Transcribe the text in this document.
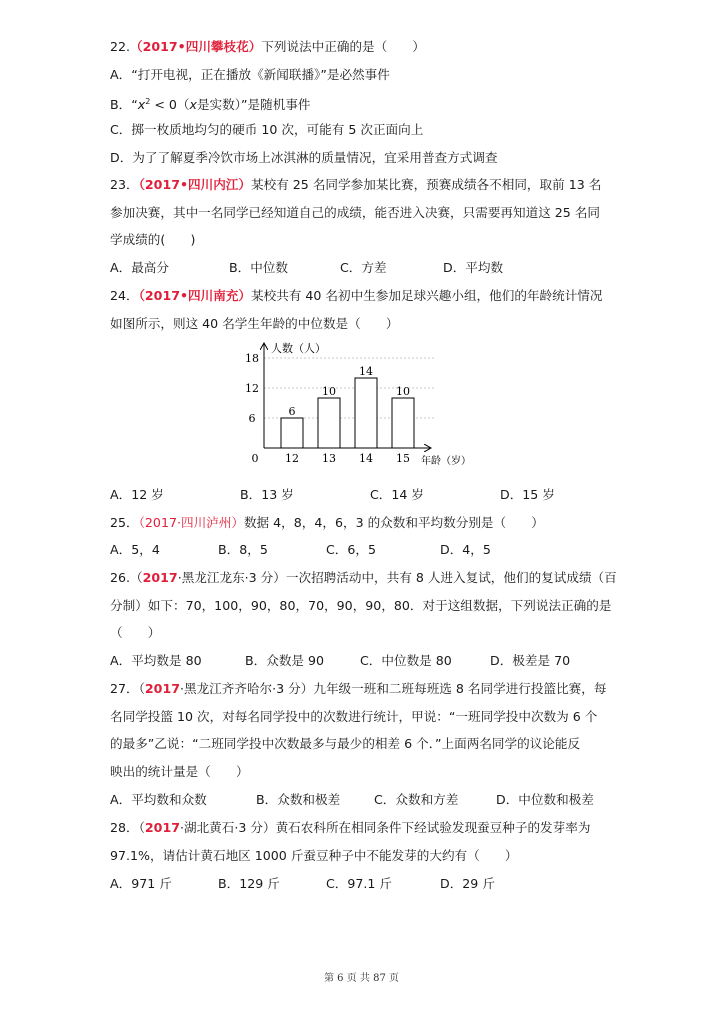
22.（2017•四川攀枝花）下列说法中正确的是（　　）
A．“打开电视，正在播放《新闻联播》”是必然事件
B．“$x^2 < 0(x$是实数）”是随机事件
C．掷一枚质地均匀的硬币 10 次，可能有 5 次正面向上
D．为了了解夏季冷饮市场上冰淇淋的质量情况，宜采用普查方式调查
23．（2017•四川内江）某校有 25 名同学参加某比赛，预赛成绩各不相同，取前 13 名
参加决赛，其中一名同学已经知道自己的成绩，能否进入决赛，只需要再知道这 25 名同
学成绩的(　　)
A．最高分	B．中位数	C．方差	D．平均数
24．（2017•四川南充）某校共有 40 名初中生参加足球兴趣小组，他们的年龄统计情况
如图所示，则这 40 名学生年龄的中位数是（　　）
6
10
14
10
0
6
12
18
12 13 14 15
人数（人）
年龄（岁）
A．12 岁	B．13 岁	C．14 岁	D．15 岁
25．（2017·四川泸州）数据 4，8，4，6，3 的众数和平均数分别是（　　）
A．5，4	B．8，5	C．6，5	D．4，5
26.（2017·黑龙江龙东·3 分）一次招聘活动中，共有 8 人进入复试，他们的复试成绩（百
分制）如下：70，100，90，80，70，90，90，80．对于这组数据，下列说法正确的是
（　　）
A．平均数是 80	B．众数是 90	C．中位数是 80	D．极差是 70
27．（2017·黑龙江齐齐哈尔·3 分）九年级一班和二班每班选 8 名同学进行投篮比赛，每
名同学投篮 10 次，对每名同学投中的次数进行统计，甲说：“一班同学投中次数为 6 个
的最多”乙说：“二班同学投中次数最多与最少的相差 6 个．”上面两名同学的议论能反
映出的统计量是（　　）
A．平均数和众数	B．众数和极差	C．众数和方差	D．中位数和极差
28．（2017·湖北黄石·3 分）黄石农科所在相同条件下经试验发现蚕豆种子的发芽率为
97.1%，请估计黄石地区 1000 斤蚕豆种子中不能发芽的大约有（　　）
A．971 斤	B．129 斤	C．97.1 斤	D．29 斤
第 6 页 共 87 页
